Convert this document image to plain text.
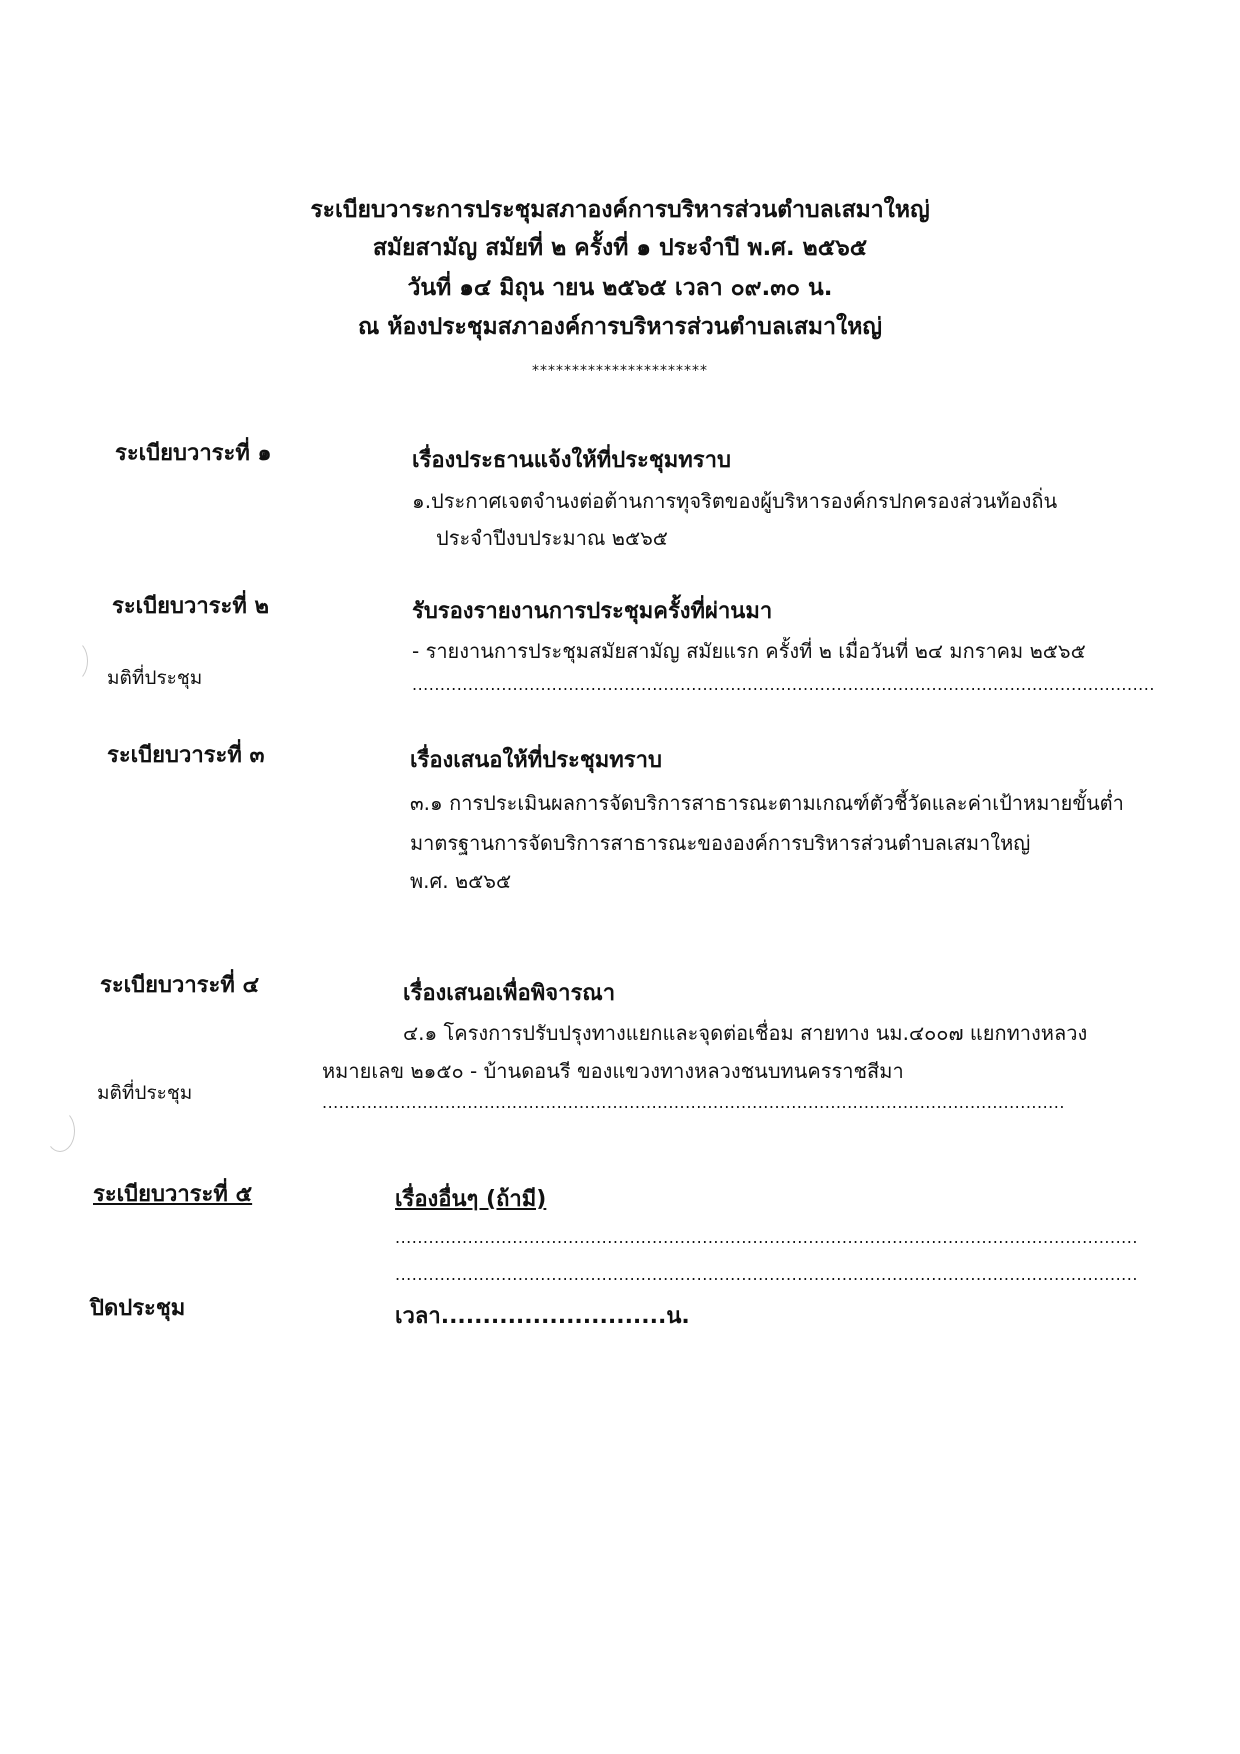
ระเบียบวาระการประชุมสภาองค์การบริหารส่วนตำบลเสมาใหญ่
สมัยสามัญ สมัยที่ ๒ ครั้งที่ ๑ ประจำปี พ.ศ. ๒๕๖๕
วันที่ ๑๔ มิถุน ายน ๒๕๖๕ เวลา ๐๙.๓๐ น.
ณ ห้องประชุมสภาองค์การบริหารส่วนตำบลเสมาใหญ่
**********************
ระเบียบวาระที่ ๑	เรื่องประธานแจ้งให้ที่ประชุมทราบ
๑.ประกาศเจตจำนงต่อต้านการทุจริตของผู้บริหารองค์กรปกครองส่วนท้องถิ่น
ประจำปีงบประมาณ ๒๕๖๕
ระเบียบวาระที่ ๒	รับรองรายงานการประชุมครั้งที่ผ่านมา
- รายงานการประชุมสมัยสามัญ สมัยแรก ครั้งที่ ๒ เมื่อวันที่ ๒๔ มกราคม ๒๕๖๕
มติที่ประชุม	.....................................................................................................................................
ระเบียบวาระที่ ๓	เรื่องเสนอให้ที่ประชุมทราบ
๓.๑ การประเมินผลการจัดบริการสาธารณะตามเกณฑ์ตัวชี้วัดและค่าเป้าหมายขั้นต่ำ
มาตรฐานการจัดบริการสาธารณะขององค์การบริหารส่วนตำบลเสมาใหญ่
พ.ศ. ๒๕๖๕
ระเบียบวาระที่ ๔	เรื่องเสนอเพื่อพิจารณา
๔.๑ โครงการปรับปรุงทางแยกและจุดต่อเชื่อม สายทาง นม.๔๐๐๗ แยกทางหลวง
หมายเลข ๒๑๕๐ - บ้านดอนรี ของแขวงทางหลวงชนบทนครราชสีมา
มติที่ประชุม	.....................................................................................................................................
ระเบียบวาระที่ ๕	เรื่องอื่นๆ (ถ้ามี)
.....................................................................................................................................
.....................................................................................................................................
ปิดประชุม	เวลา...........................น.
